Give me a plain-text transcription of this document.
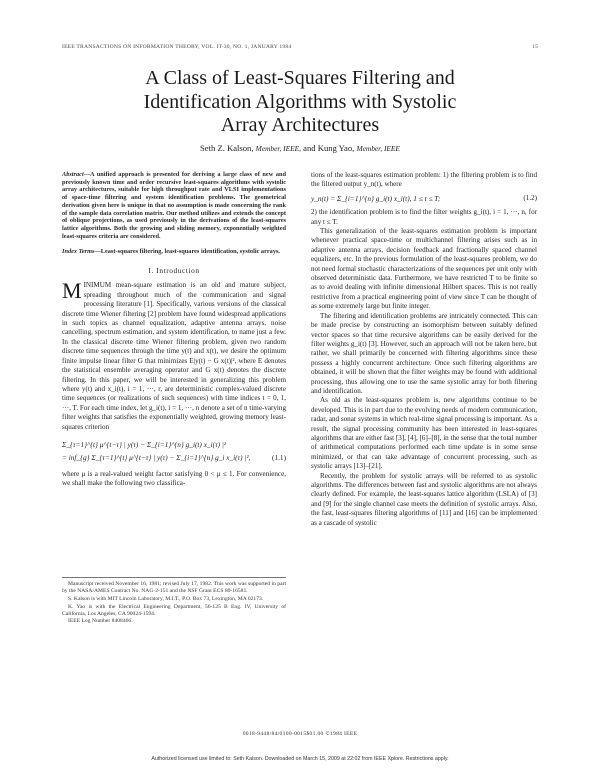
IEEE TRANSACTIONS ON INFORMATION THEORY, VOL. IT-30, NO. 1, JANUARY 1984	15
A Class of Least-Squares Filtering and
Identification Algorithms with Systolic
Array Architectures
Seth Z. Kalson, Member, IEEE, and Kung Yao, Member, IEEE

Abstract—A unified approach is presented for deriving a large class of new and previously known time and order recursive least-squares algorithms with systolic array architectures, suitable for high throughput rate and VLSI implementations of space-time filtering and system identification problems. The geometrical derivation given here is unique in that no assumption is made concerning the rank of the sample data correlation matrix. Our method utilizes and extends the concept of oblique projections, as used previously in the derivations of the least-squares lattice algorithms. Both the growing and sliding memory, exponentially weighted least-squares criteria are considered.

Index Terms—Least-squares filtering, least-squares identification, systolic arrays.

I. Introduction

MINIMUM mean-square estimation is an old and mature subject, spreading throughout much of the communication and signal processing literature [1]. Specifically, various versions of the classical discrete time Wiener filtering [2] problem have found widespread applications in such topics as channel equalization, adaptive antenna arrays, noise cancelling, spectrum estimation, and system identification, to name just a few. In the classical discrete time Wiener filtering problem, given two random discrete time sequences through the time y(t) and x(t), we desire the optimum finite impulse linear filter G that minimizes E|y(t) − G x(t)|², where E denotes the statistical ensemble averaging operator and G x(t) denotes the discrete filtering. In this paper, we will be interested in generalizing this problem where y(t) and x_i(t), i = 1, ···, r, are deterministic complex-valued discrete time sequences (or realizations of such sequences) with time indices t = 0, 1, ···, T. For each time index, let g_i(t), i = 1, ···, n denote a set of n time-varying filter weights that satisfies the exponentially weighted, growing memory least-squares criterion

Σ_{τ=1}^{t} μ^{t−τ} | y(τ) − Σ_{i=1}^{n} g_i(t) x_i(τ) |²
= inf_{g} Σ_{τ=1}^{t} μ^{t−τ} | y(τ) − Σ_{i=1}^{n} g_i x_i(τ) |²,	(1.1)

where μ is a real-valued weight factor satisfying 0 < μ ≤ 1. For convenience, we shall make the following two classifica-

Manuscript received November 16, 1981; revised July 17, 1982. This work was supported in part by the NASA/AMES Contract No. NAG-2-151 and the NSF Grant ECS 80-16581.

S. Kalson is with MIT Lincoln Laboratory, M.I.T., P.O. Box 73, Lexington, MA 02173.

K. Yao is with the Electrical Engineering Department, 56-125 B Eng. IV, University of California, Los Angeles, CA 90024-1594.

IEEE Log Number 8408466.

tions of the least-squares estimation problem: 1) the filtering problem is to find the filtered output y_n(t), where

y_n(t) = Σ_{i=1}^{n} g_i(t) x_i(t), 1 ≤ t ≤ T;	(1.2)

2) the identification problem is to find the filter weights g_i(t), i = 1, ···, n, for any t ≤ T.

This generalization of the least-squares estimation problem is important whenever practical space-time or multichannel filtering arises such as in adaptive antenna arrays, decision feedback and fractionally spaced channel equalizers, etc. In the previous formulation of the least-squares problem, we do not need formal stochastic characterizations of the sequences per unit only with observed deterministic data. Furthermore, we have restricted T to be finite so as to avoid dealing with infinite dimensional Hilbert spaces. This is not really restrictive from a practical engineering point of view since T can be thought of as some extremely large but finite integer.

The filtering and identification problems are intricately connected. This can be made precise by constructing an isomorphism between suitably defined vector spaces so that time recursive algorithms can be easily derived for the filter weights g_i(t) [3]. However, such an approach will not be taken here, but rather, we shall primarily be concerned with filtering algorithms since these possess a highly concurrent architecture. Once such filtering algorithms are obtained, it will be shown that the filter weights may be found with additional processing, thus allowing one to use the same systolic array for both filtering and identification.

As old as the least-squares problem is, new algorithms continue to be developed. This is in part due to the evolving needs of modern communication, radar, and sonar systems in which real-time signal processing is important. As a result, the signal processing community has been interested in least-squares algorithms that are either fast [3], [4], [6]–[8], in the sense that the total number of arithmetical computations performed each time update is in some sense minimized, or that can take advantage of concurrent processing, such as systolic arrays [13]–[21].

Recently, the problem for systolic arrays will be referred to as systolic algorithms. The differences between fast and systolic algorithms are not always clearly defined. For example, the least-squares lattice algorithm (LSLA) of [3] and [9] for the single channel case meets the definition of systolic arrays. Also, the fast, least-squares filtering algorithms of [11] and [16] can be implemented as a cascade of systolic

0018-9448/84/0100-0015$01.00 ©1984 IEEE
Authorized licensed use limited to: Seth Kalson. Downloaded on March 15, 2009 at 22:02 from IEEE Xplore. Restrictions apply.
